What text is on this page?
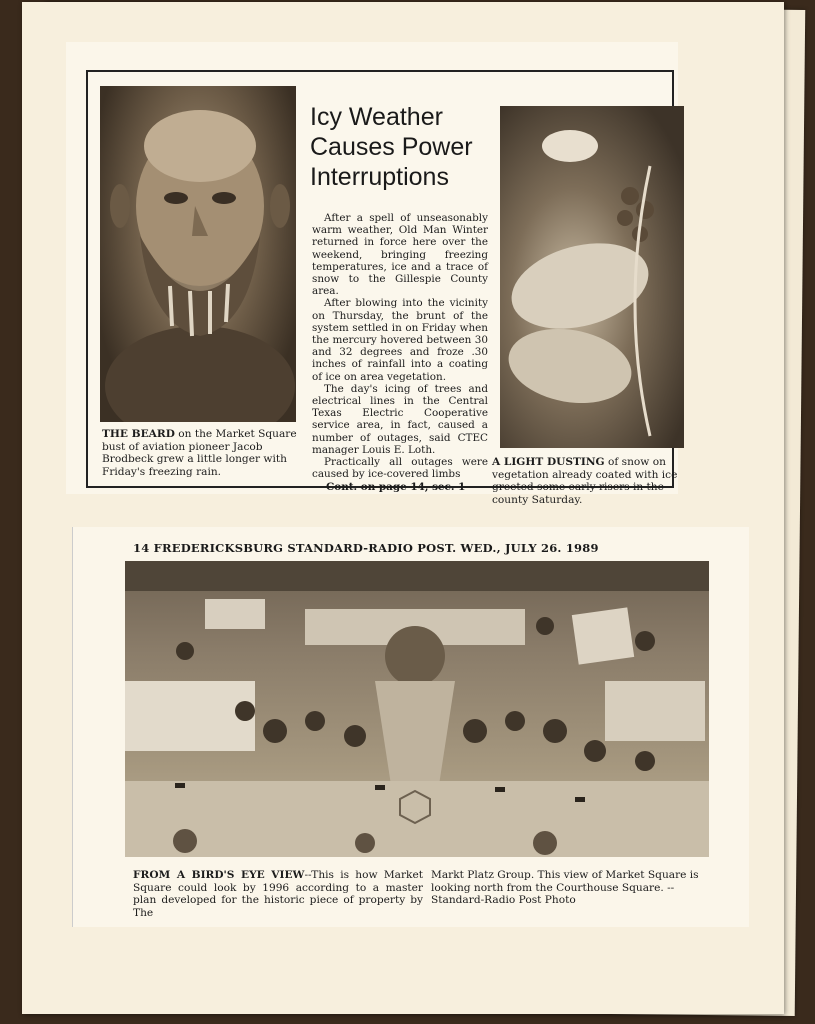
Icy Weather Causes Power Interruptions

After a spell of unseasonably warm weather, Old Man Winter returned in force here over the weekend, bringing freezing temperatures, ice and a trace of snow to the Gillespie County area.

After blowing into the vicinity on Thursday, the brunt of the system settled in on Friday when the mercury hovered between 30 and 32 degrees and froze .30 inches of rainfall into a coating of ice on area vegetation.

The day's icing of trees and electrical lines in the Central Texas Electric Cooperative service area, in fact, caused a number of outages, said CTEC manager Louis E. Loth.

Practically all outages were caused by ice-covered limbs

Cont. on page 14, sec. 1

THE BEARD on the Market Square bust of aviation pioneer Jacob Brodbeck grew a little longer with Friday's freezing rain.
A LIGHT DUSTING of snow on vegetation already coated with ice greeted some early risers in the county Saturday.
14 FREDERICKSBURG STANDARD-RADIO POST. WED., JULY 26. 1989
FROM A BIRD'S EYE VIEW--This is how Market Square could look by 1996 according to a master plan developed for the historic piece of property by The
Markt Platz Group. This view of Market Square is looking north from the Courthouse Square. --Standard-Radio Post Photo
